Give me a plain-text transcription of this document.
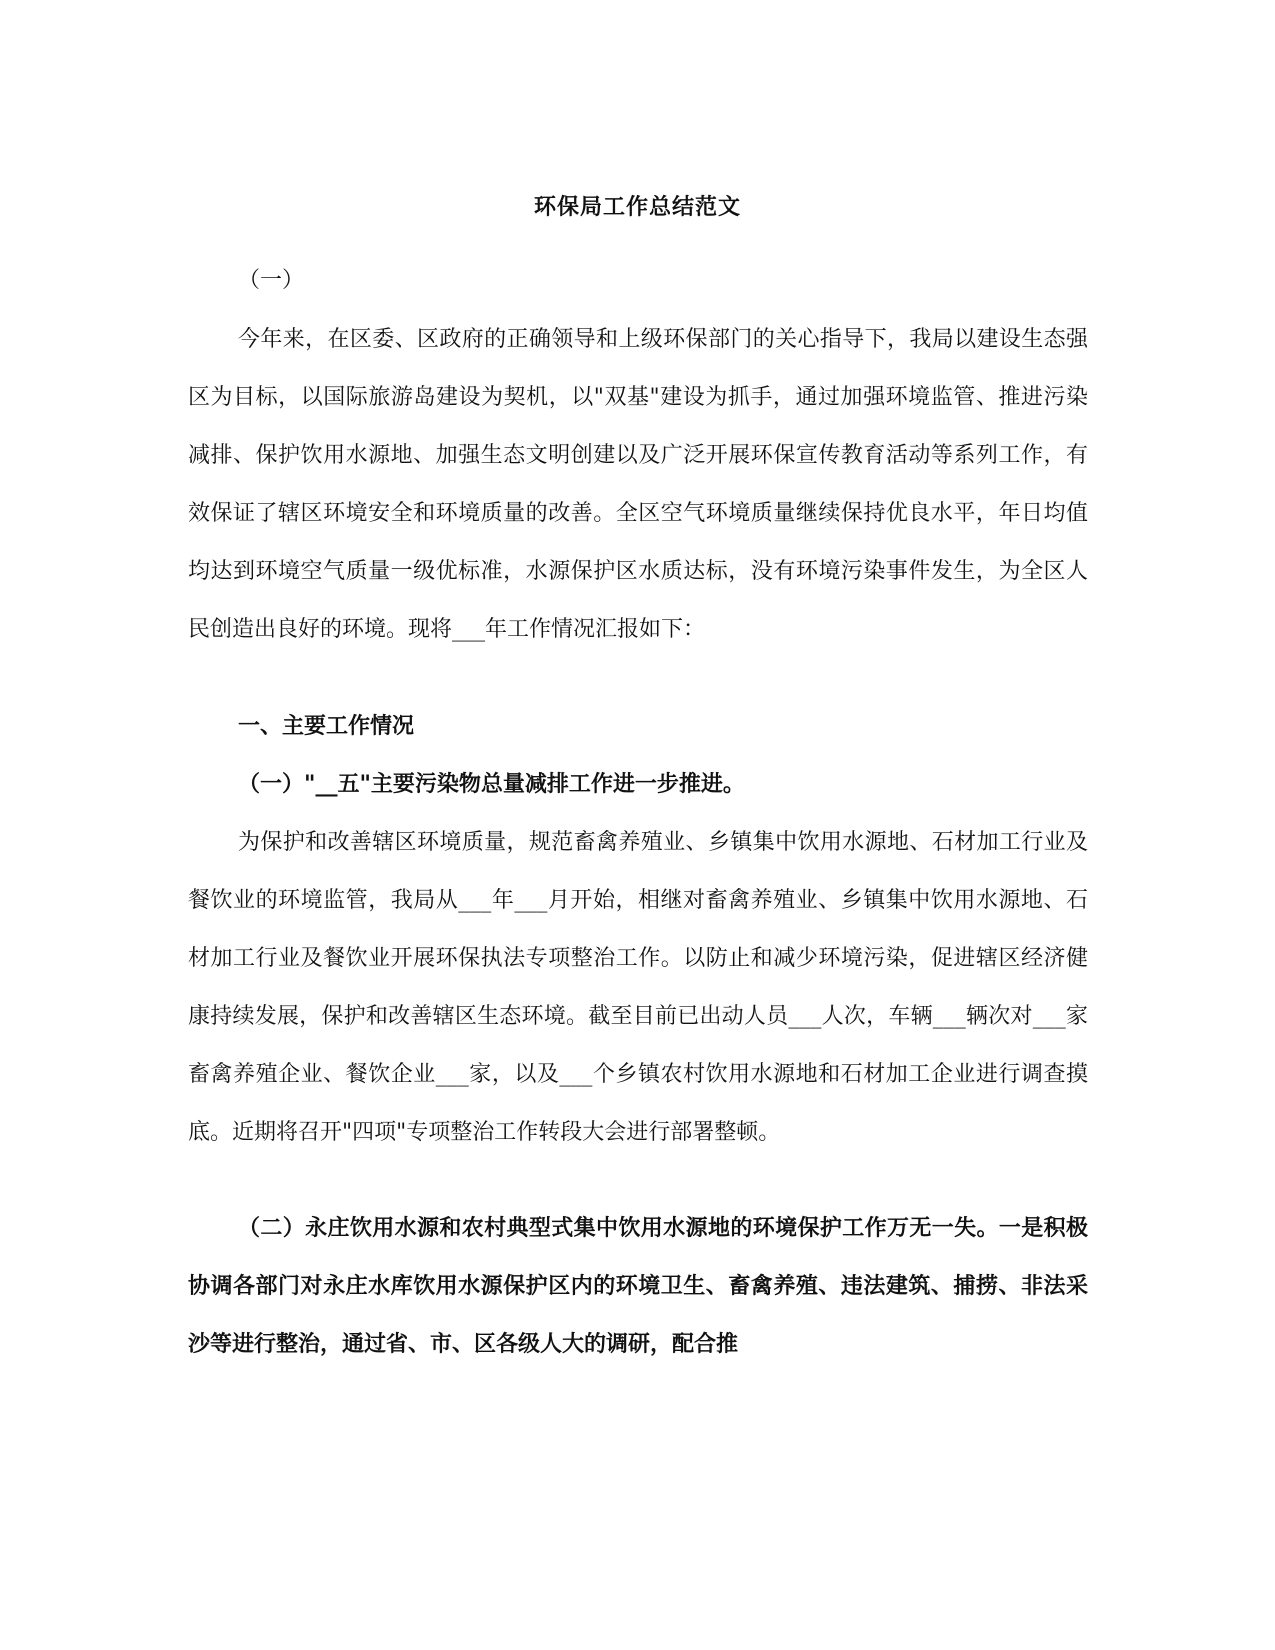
环保局工作总结范文

（一）

今年来，在区委、区政府的正确领导和上级环保部门的关心指导下，我局以建设生态强区为目标，以国际旅游岛建设为契机，以"双基"建设为抓手，通过加强环境监管、推进污染减排、保护饮用水源地、加强生态文明创建以及广泛开展环保宣传教育活动等系列工作，有效保证了辖区环境安全和环境质量的改善。全区空气环境质量继续保持优良水平，年日均值均达到环境空气质量一级优标准，水源保护区水质达标，没有环境污染事件发生，为全区人民创造出良好的环境。现将___年工作情况汇报如下：

一、主要工作情况

（一）"__五"主要污染物总量减排工作进一步推进。

为保护和改善辖区环境质量，规范畜禽养殖业、乡镇集中饮用水源地、石材加工行业及餐饮业的环境监管，我局从___年___月开始，相继对畜禽养殖业、乡镇集中饮用水源地、石材加工行业及餐饮业开展环保执法专项整治工作。以防止和减少环境污染，促进辖区经济健康持续发展，保护和改善辖区生态环境。截至目前已出动人员___人次，车辆___辆次对___家畜禽养殖企业、餐饮企业___家，以及___个乡镇农村饮用水源地和石材加工企业进行调查摸底。近期将召开"四项"专项整治工作转段大会进行部署整顿。

（二）永庄饮用水源和农村典型式集中饮用水源地的环境保护工作万无一失。一是积极协调各部门对永庄水库饮用水源保护区内的环境卫生、畜禽养殖、违法建筑、捕捞、非法采沙等进行整治，通过省、市、区各级人大的调研，配合推
